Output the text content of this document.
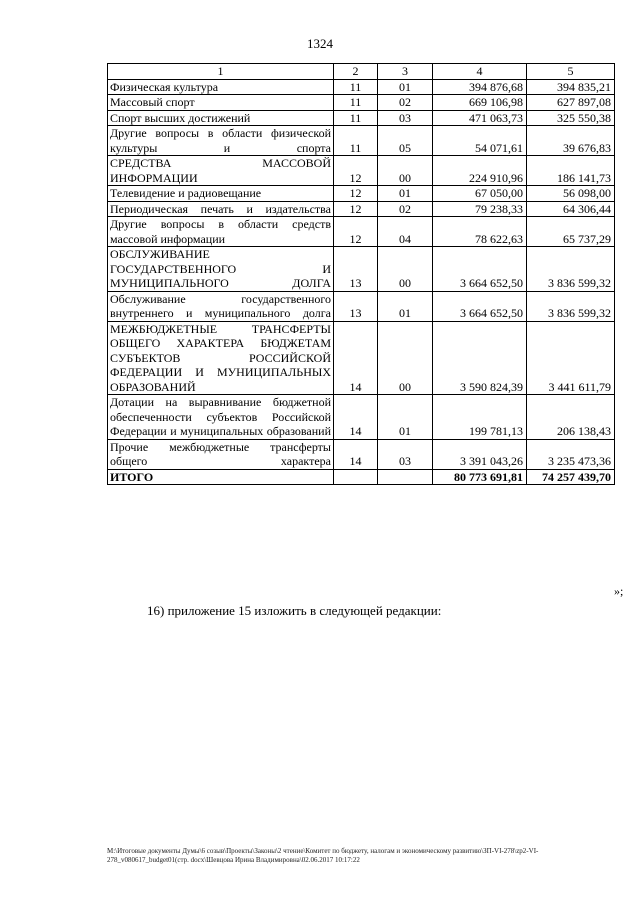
1324
1	2	3	4	5
Физическая культура	11	01	394 876,68	394 835,21
Массовый спорт	11	02	669 106,98	627 897,08
Спорт высших достижений	11	03	471 063,73	325 550,38
Другие вопросы в области физической культуры и спорта	11	05	54 071,61	39 676,83
СРЕДСТВА МАССОВОЙ ИНФОРМАЦИИ	12	00	224 910,96	186 141,73
Телевидение и радиовещание	12	01	67 050,00	56 098,00
Периодическая печать и издательства	12	02	79 238,33	64 306,44
Другие вопросы в области средств массовой информации	12	04	78 622,63	65 737,29
ОБСЛУЖИВАНИЕ ГОСУДАРСТВЕННОГО И МУНИЦИПАЛЬНОГО ДОЛГА	13	00	3 664 652,50	3 836 599,32
Обслуживание государственного внутреннего и муниципального долга	13	01	3 664 652,50	3 836 599,32
МЕЖБЮДЖЕТНЫЕ ТРАНСФЕРТЫ ОБЩЕГО ХАРАКТЕРА БЮДЖЕТАМ СУБЪЕКТОВ РОССИЙСКОЙ ФЕДЕРАЦИИ И МУНИЦИПАЛЬНЫХ ОБРАЗОВАНИЙ	14	00	3 590 824,39	3 441 611,79
Дотации на выравнивание бюджетной обеспеченности субъектов Российской Федерации и муниципальных образований	14	01	199 781,13	206 138,43
Прочие межбюджетные трансферты общего характера	14	03	3 391 043,26	3 235 473,36
ИТОГО			80 773 691,81	74 257 439,70
»;
16) приложение 15 изложить в следующей редакции:
M:\Итоговые документы Думы\6 созыв\Проекты\Законы\2 чтение\Комитет по бюджету, налогам и экономическому развитию\ЗП-VI-278\zp2-VI-278_v080617_budget01(стр. docx\Шевцова Ирина Владимировна\02.06.2017 10:17:22
